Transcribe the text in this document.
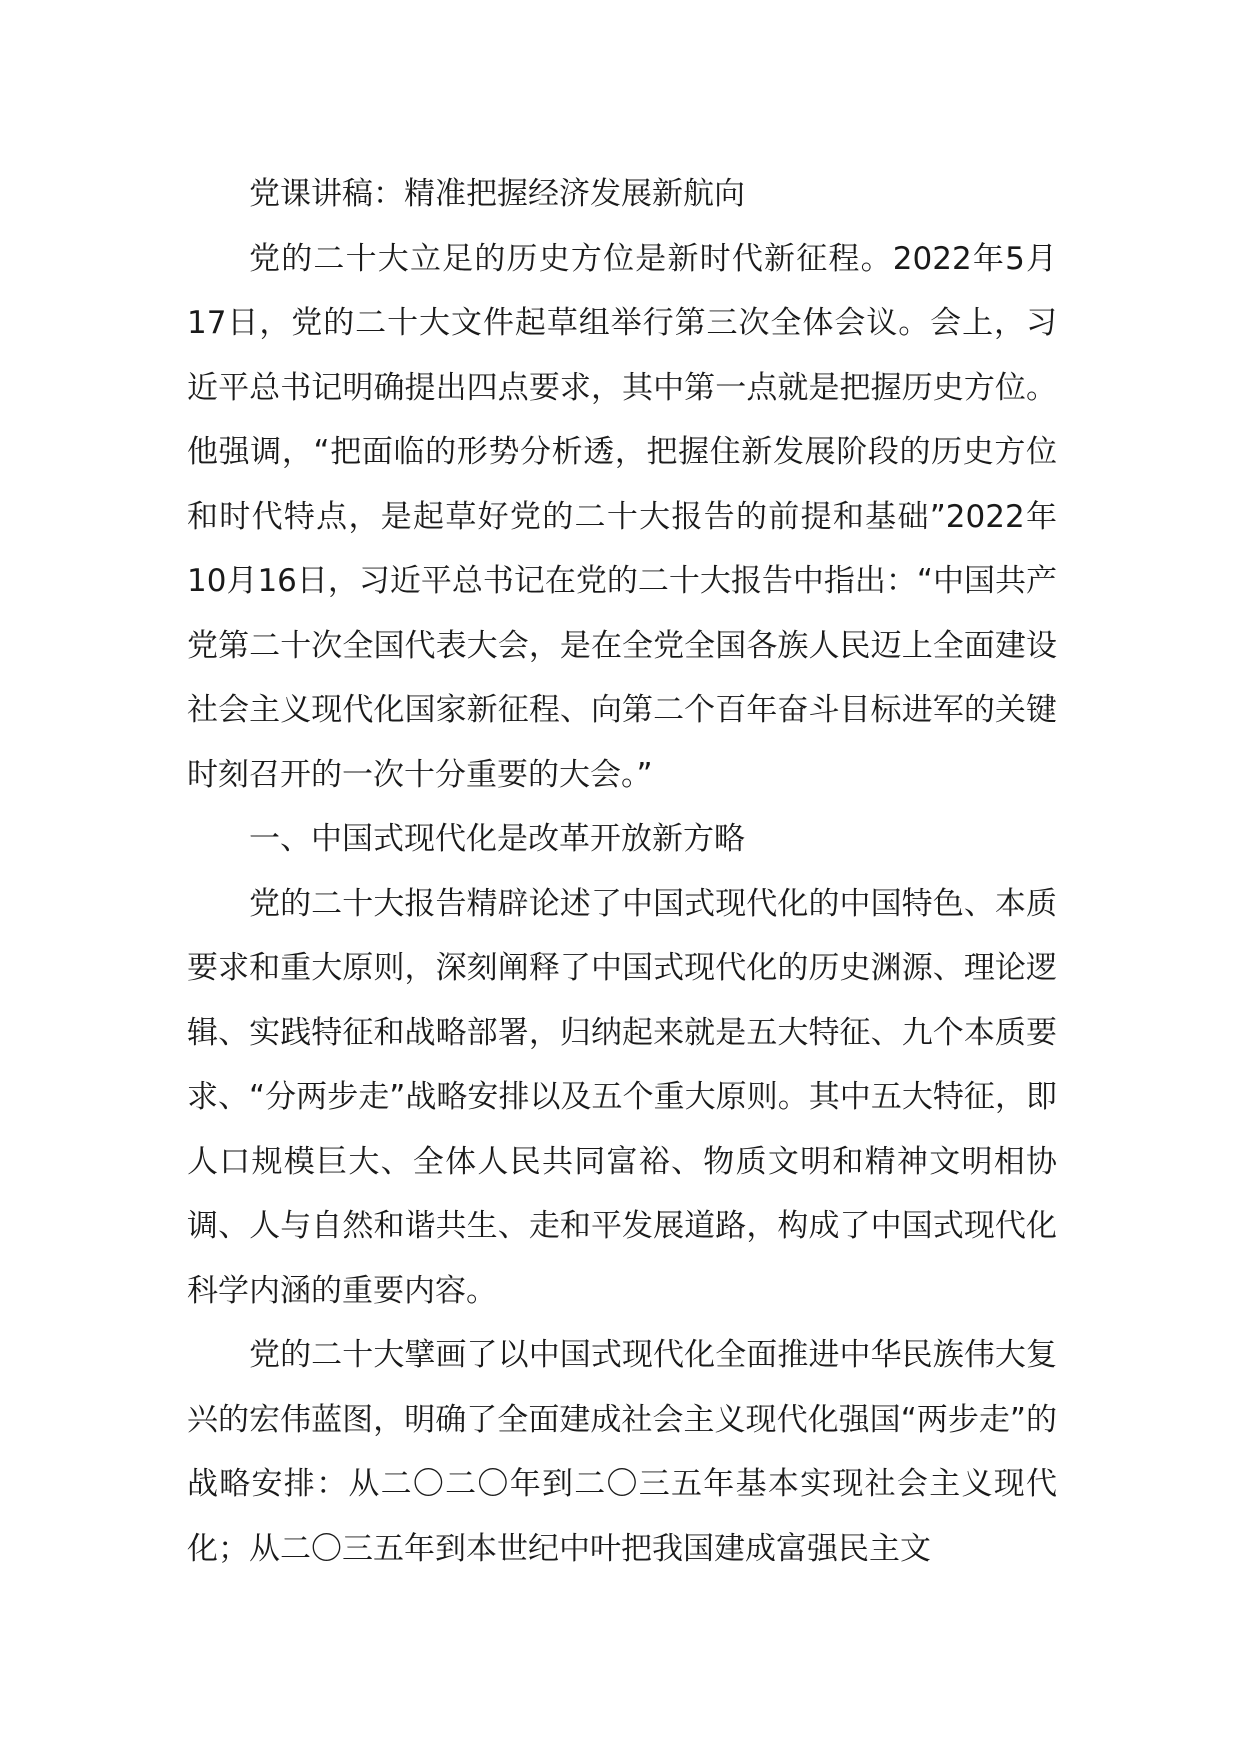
党课讲稿：精准把握经济发展新航向

党的二十大立足的历史方位是新时代新征程。2022年5月17日，党的二十大文件起草组举行第三次全体会议。会上，习近平总书记明确提出四点要求，其中第一点就是把握历史方位。他强调，“把面临的形势分析透，把握住新发展阶段的历史方位和时代特点，是起草好党的二十大报告的前提和基础”2022年10月16日，习近平总书记在党的二十大报告中指出：“中国共产党第二十次全国代表大会，是在全党全国各族人民迈上全面建设社会主义现代化国家新征程、向第二个百年奋斗目标进军的关键时刻召开的一次十分重要的大会。”

一、中国式现代化是改革开放新方略

党的二十大报告精辟论述了中国式现代化的中国特色、本质要求和重大原则，深刻阐释了中国式现代化的历史渊源、理论逻辑、实践特征和战略部署，归纳起来就是五大特征、九个本质要求、“分两步走”战略安排以及五个重大原则。其中五大特征，即人口规模巨大、全体人民共同富裕、物质文明和精神文明相协调、人与自然和谐共生、走和平发展道路，构成了中国式现代化科学内涵的重要内容。

党的二十大擘画了以中国式现代化全面推进中华民族伟大复兴的宏伟蓝图，明确了全面建成社会主义现代化强国“两步走”的战略安排：从二〇二〇年到二〇三五年基本实现社会主义现代化；从二〇三五年到本世纪中叶把我国建成富强民主文
